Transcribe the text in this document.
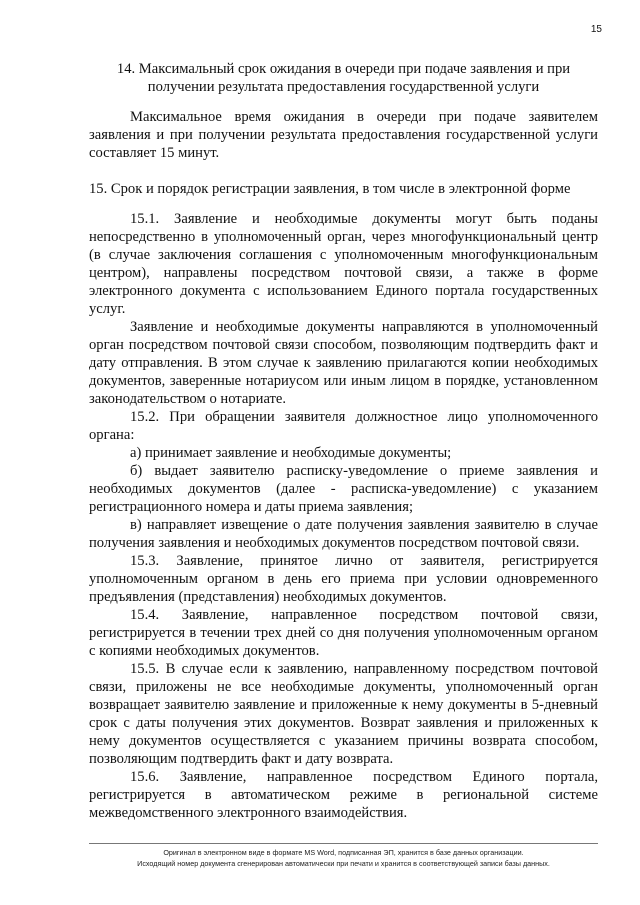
15

14. Максимальный срок ожидания в очереди при подаче заявления и при получении результата предоставления государственной услуги

Максимальное время ожидания в очереди при подаче заявителем заявления и при получении результата предоставления государственной услуги составляет 15 минут.

15. Срок и порядок регистрации заявления, в том числе в электронной форме

15.1. Заявление и необходимые документы могут быть поданы непосредственно в уполномоченный орган, через многофункциональный центр (в случае заключения соглашения с уполномоченным многофункциональным центром), направлены посредством почтовой связи, а также в форме электронного документа с использованием Единого портала государственных услуг.

Заявление и необходимые документы направляются в уполномоченный орган посредством почтовой связи способом, позволяющим подтвердить факт и дату отправления. В этом случае к заявлению прилагаются копии необходимых документов, заверенные нотариусом или иным лицом в порядке, установленном законодательством о нотариате.

15.2. При обращении заявителя должностное лицо уполномоченного органа:

а) принимает заявление и необходимые документы;

б) выдает заявителю расписку-уведомление о приеме заявления и необходимых документов (далее - расписка-уведомление) с указанием регистрационного номера и даты приема заявления;

в) направляет извещение о дате получения заявления заявителю в случае получения заявления и необходимых документов посредством почтовой связи.

15.3. Заявление, принятое лично от заявителя, регистрируется уполномоченным органом в день его приема при условии одновременного предъявления (представления) необходимых документов.

15.4. Заявление, направленное посредством почтовой связи, регистрируется в течении трех дней со дня получения уполномоченным органом с копиями необходимых документов.

15.5. В случае если к заявлению, направленному посредством почтовой связи, приложены не все необходимые документы, уполномоченный орган возвращает заявителю заявление и приложенные к нему документы в 5-дневный срок с даты получения этих документов. Возврат заявления и приложенных к нему документов осуществляется с указанием причины возврата способом, позволяющим подтвердить факт и дату возврата.

15.6. Заявление, направленное посредством Единого портала, регистрируется в автоматическом режиме в региональной системе межведомственного электронного взаимодействия.

Оригинал в электронном виде в формате MS Word, подписанная ЭП, хранится в базе данных организации.

Исходящий номер документа сгенерирован автоматически при печати и хранится в соответствующей записи базы данных.
